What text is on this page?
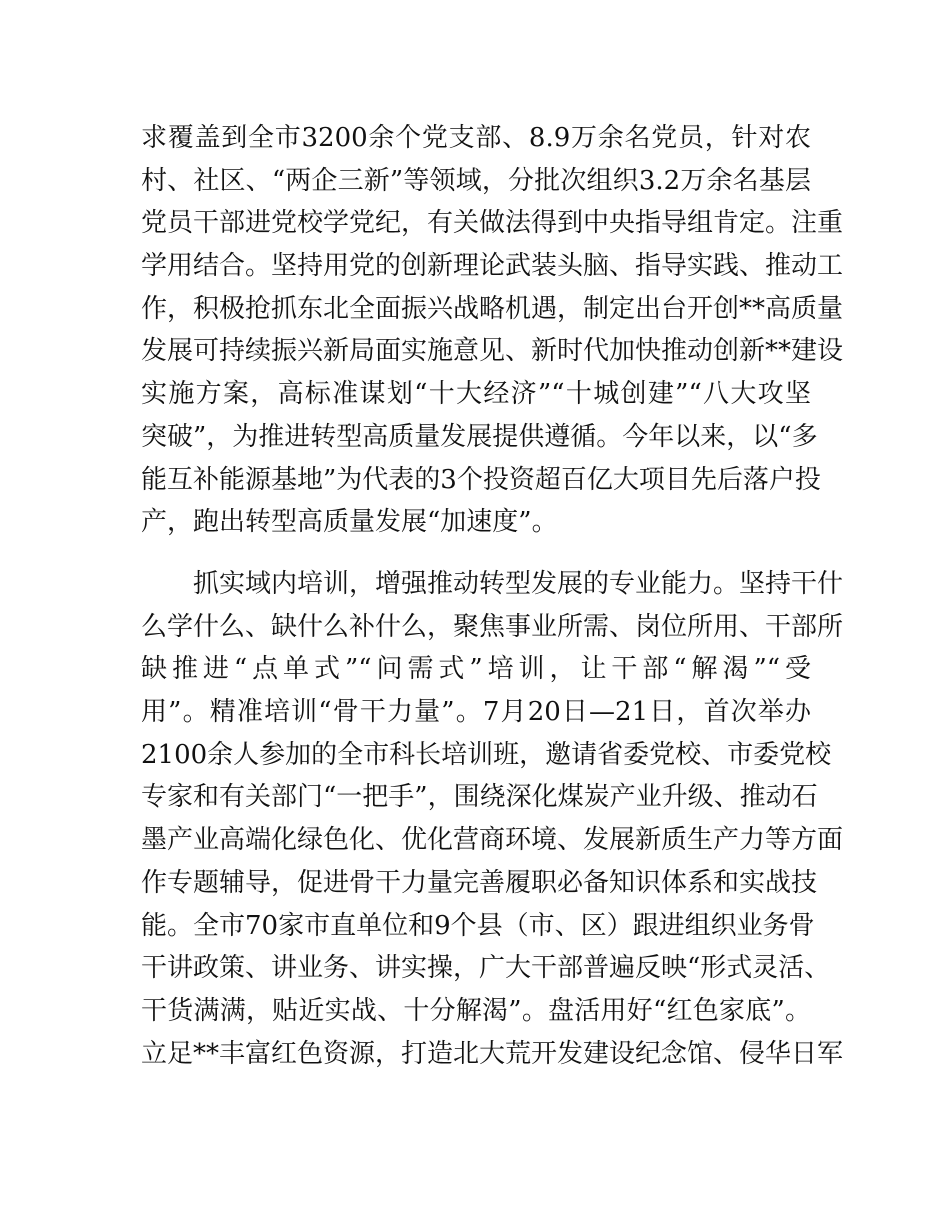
求覆盖到全市3200余个党支部、8.9万余名党员，针对农
村、社区、“两企三新”等领域，分批次组织3.2万余名基层
党员干部进党校学党纪，有关做法得到中央指导组肯定。注重
学用结合。坚持用党的创新理论武装头脑、指导实践、推动工
作，积极抢抓东北全面振兴战略机遇，制定出台开创**高质量
发展可持续振兴新局面实施意见、新时代加快推动创新**建设
实施方案，高标准谋划“十大经济”“十城创建”“八大攻坚
突破”，为推进转型高质量发展提供遵循。今年以来，以“多
能互补能源基地”为代表的3个投资超百亿大项目先后落户投
产，跑出转型高质量发展“加速度”。
　　抓实域内培训，增强推动转型发展的专业能力。坚持干什
么学什么、缺什么补什么，聚焦事业所需、岗位所用、干部所
缺推进“点单式”“问需式”培训，让干部“解渴”“受
用”。精准培训“骨干力量”。7月20日—21日，首次举办
2100余人参加的全市科长培训班，邀请省委党校、市委党校
专家和有关部门“一把手”，围绕深化煤炭产业升级、推动石
墨产业高端化绿色化、优化营商环境、发展新质生产力等方面
作专题辅导，促进骨干力量完善履职必备知识体系和实战技
能。全市70家市直单位和9个县（市、区）跟进组织业务骨
干讲政策、讲业务、讲实操，广大干部普遍反映“形式灵活、
干货满满，贴近实战、十分解渴”。盘活用好“红色家底”。
立足**丰富红色资源，打造北大荒开发建设纪念馆、侵华日军
